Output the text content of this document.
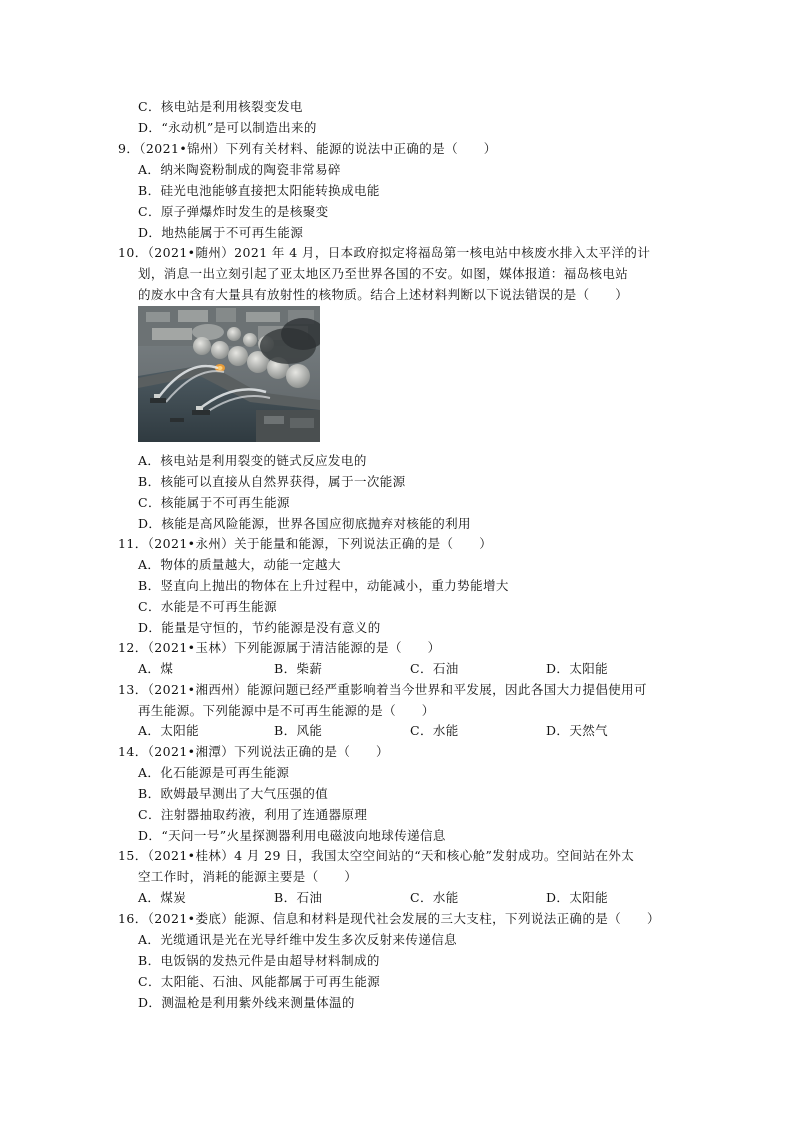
C．核电站是利用核裂变发电
D．“永动机”是可以制造出来的
9．（2021•锦州）下列有关材料、能源的说法中正确的是（　　）
A．纳米陶瓷粉制成的陶瓷非常易碎
B．硅光电池能够直接把太阳能转换成电能
C．原子弹爆炸时发生的是核聚变
D．地热能属于不可再生能源
10．（2021•随州）2021 年 4 月，日本政府拟定将福岛第一核电站中核废水排入太平洋的计
划，消息一出立刻引起了亚太地区乃至世界各国的不安。如图，媒体报道：福岛核电站
的废水中含有大量具有放射性的核物质。结合上述材料判断以下说法错误的是（　　）
A．核电站是利用裂变的链式反应发电的
B．核能可以直接从自然界获得，属于一次能源
C．核能属于不可再生能源
D．核能是高风险能源，世界各国应彻底抛弃对核能的利用
11．（2021•永州）关于能量和能源，下列说法正确的是（　　）
A．物体的质量越大，动能一定越大
B．竖直向上抛出的物体在上升过程中，动能减小，重力势能增大
C．水能是不可再生能源
D．能量是守恒的，节约能源是没有意义的
12．（2021•玉林）下列能源属于清洁能源的是（　　）
A．煤	B．柴薪	C．石油	D．太阳能
13．（2021•湘西州）能源问题已经严重影响着当今世界和平发展，因此各国大力提倡使用可
再生能源。下列能源中是不可再生能源的是（　　）
A．太阳能	B．风能	C．水能	D．天然气
14．（2021•湘潭）下列说法正确的是（　　）
A．化石能源是可再生能源
B．欧姆最早测出了大气压强的值
C．注射器抽取药液，利用了连通器原理
D．“天问一号”火星探测器利用电磁波向地球传递信息
15．（2021•桂林）4 月 29 日，我国太空空间站的“天和核心舱”发射成功。空间站在外太
空工作时，消耗的能源主要是（　　）
A．煤炭	B．石油	C．水能	D．太阳能
16．（2021•娄底）能源、信息和材料是现代社会发展的三大支柱，下列说法正确的是（　　）
A．光缆通讯是光在光导纤维中发生多次反射来传递信息
B．电饭锅的发热元件是由超导材料制成的
C．太阳能、石油、风能都属于可再生能源
D．测温枪是利用紫外线来测量体温的
